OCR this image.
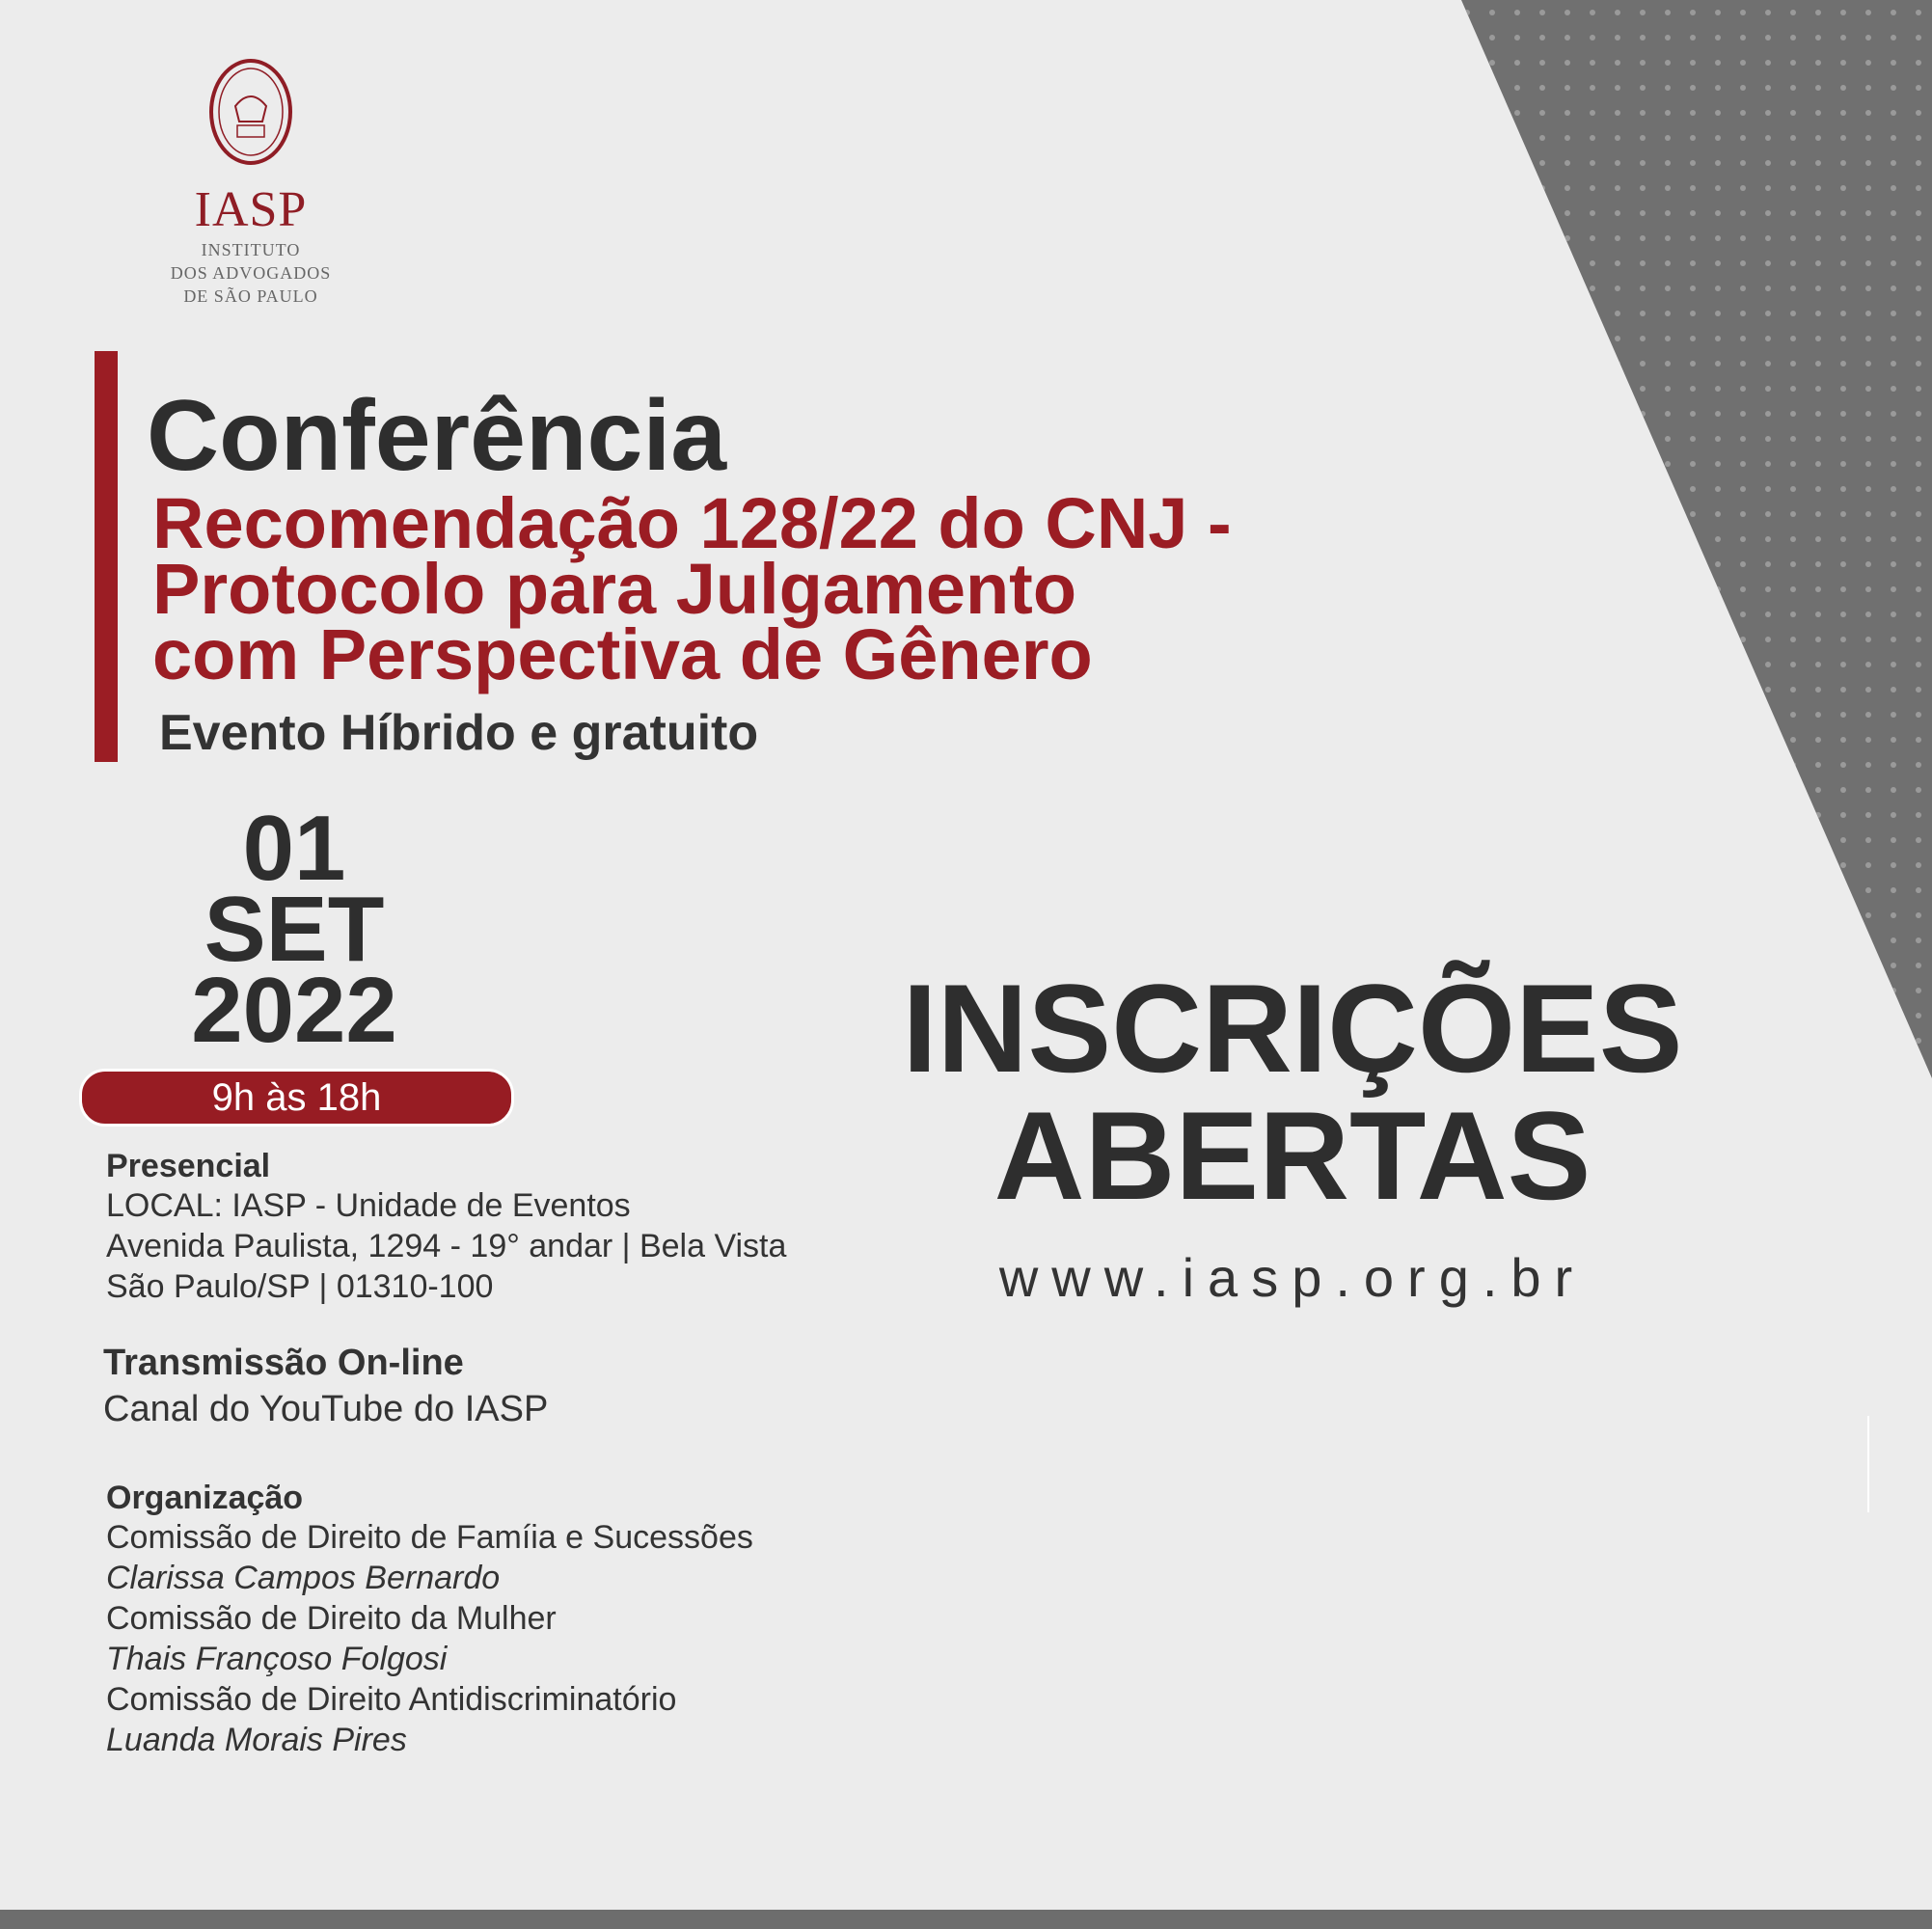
IASP
INSTITUTO
DOS ADVOGADOS
DE SÃO PAULO
Conferência
Recomendação 128/22 do CNJ -
Protocolo para Julgamento
com Perspectiva de Gênero
Evento Híbrido e gratuito
01
SET
2022
9h às 18h
Presencial
LOCAL: IASP - Unidade de Eventos
Avenida Paulista, 1294 - 19° andar | Bela Vista
São Paulo/SP | 01310-100
Transmissão On-line
Canal do YouTube do IASP
Organização
Comissão de Direito de Famíia e Sucessões
Clarissa Campos Bernardo
Comissão de Direito da Mulher
Thais Françoso Folgosi
Comissão de Direito Antidiscriminatório
Luanda Morais Pires
INSCRIÇÕES
ABERTAS
www.iasp.org.br
